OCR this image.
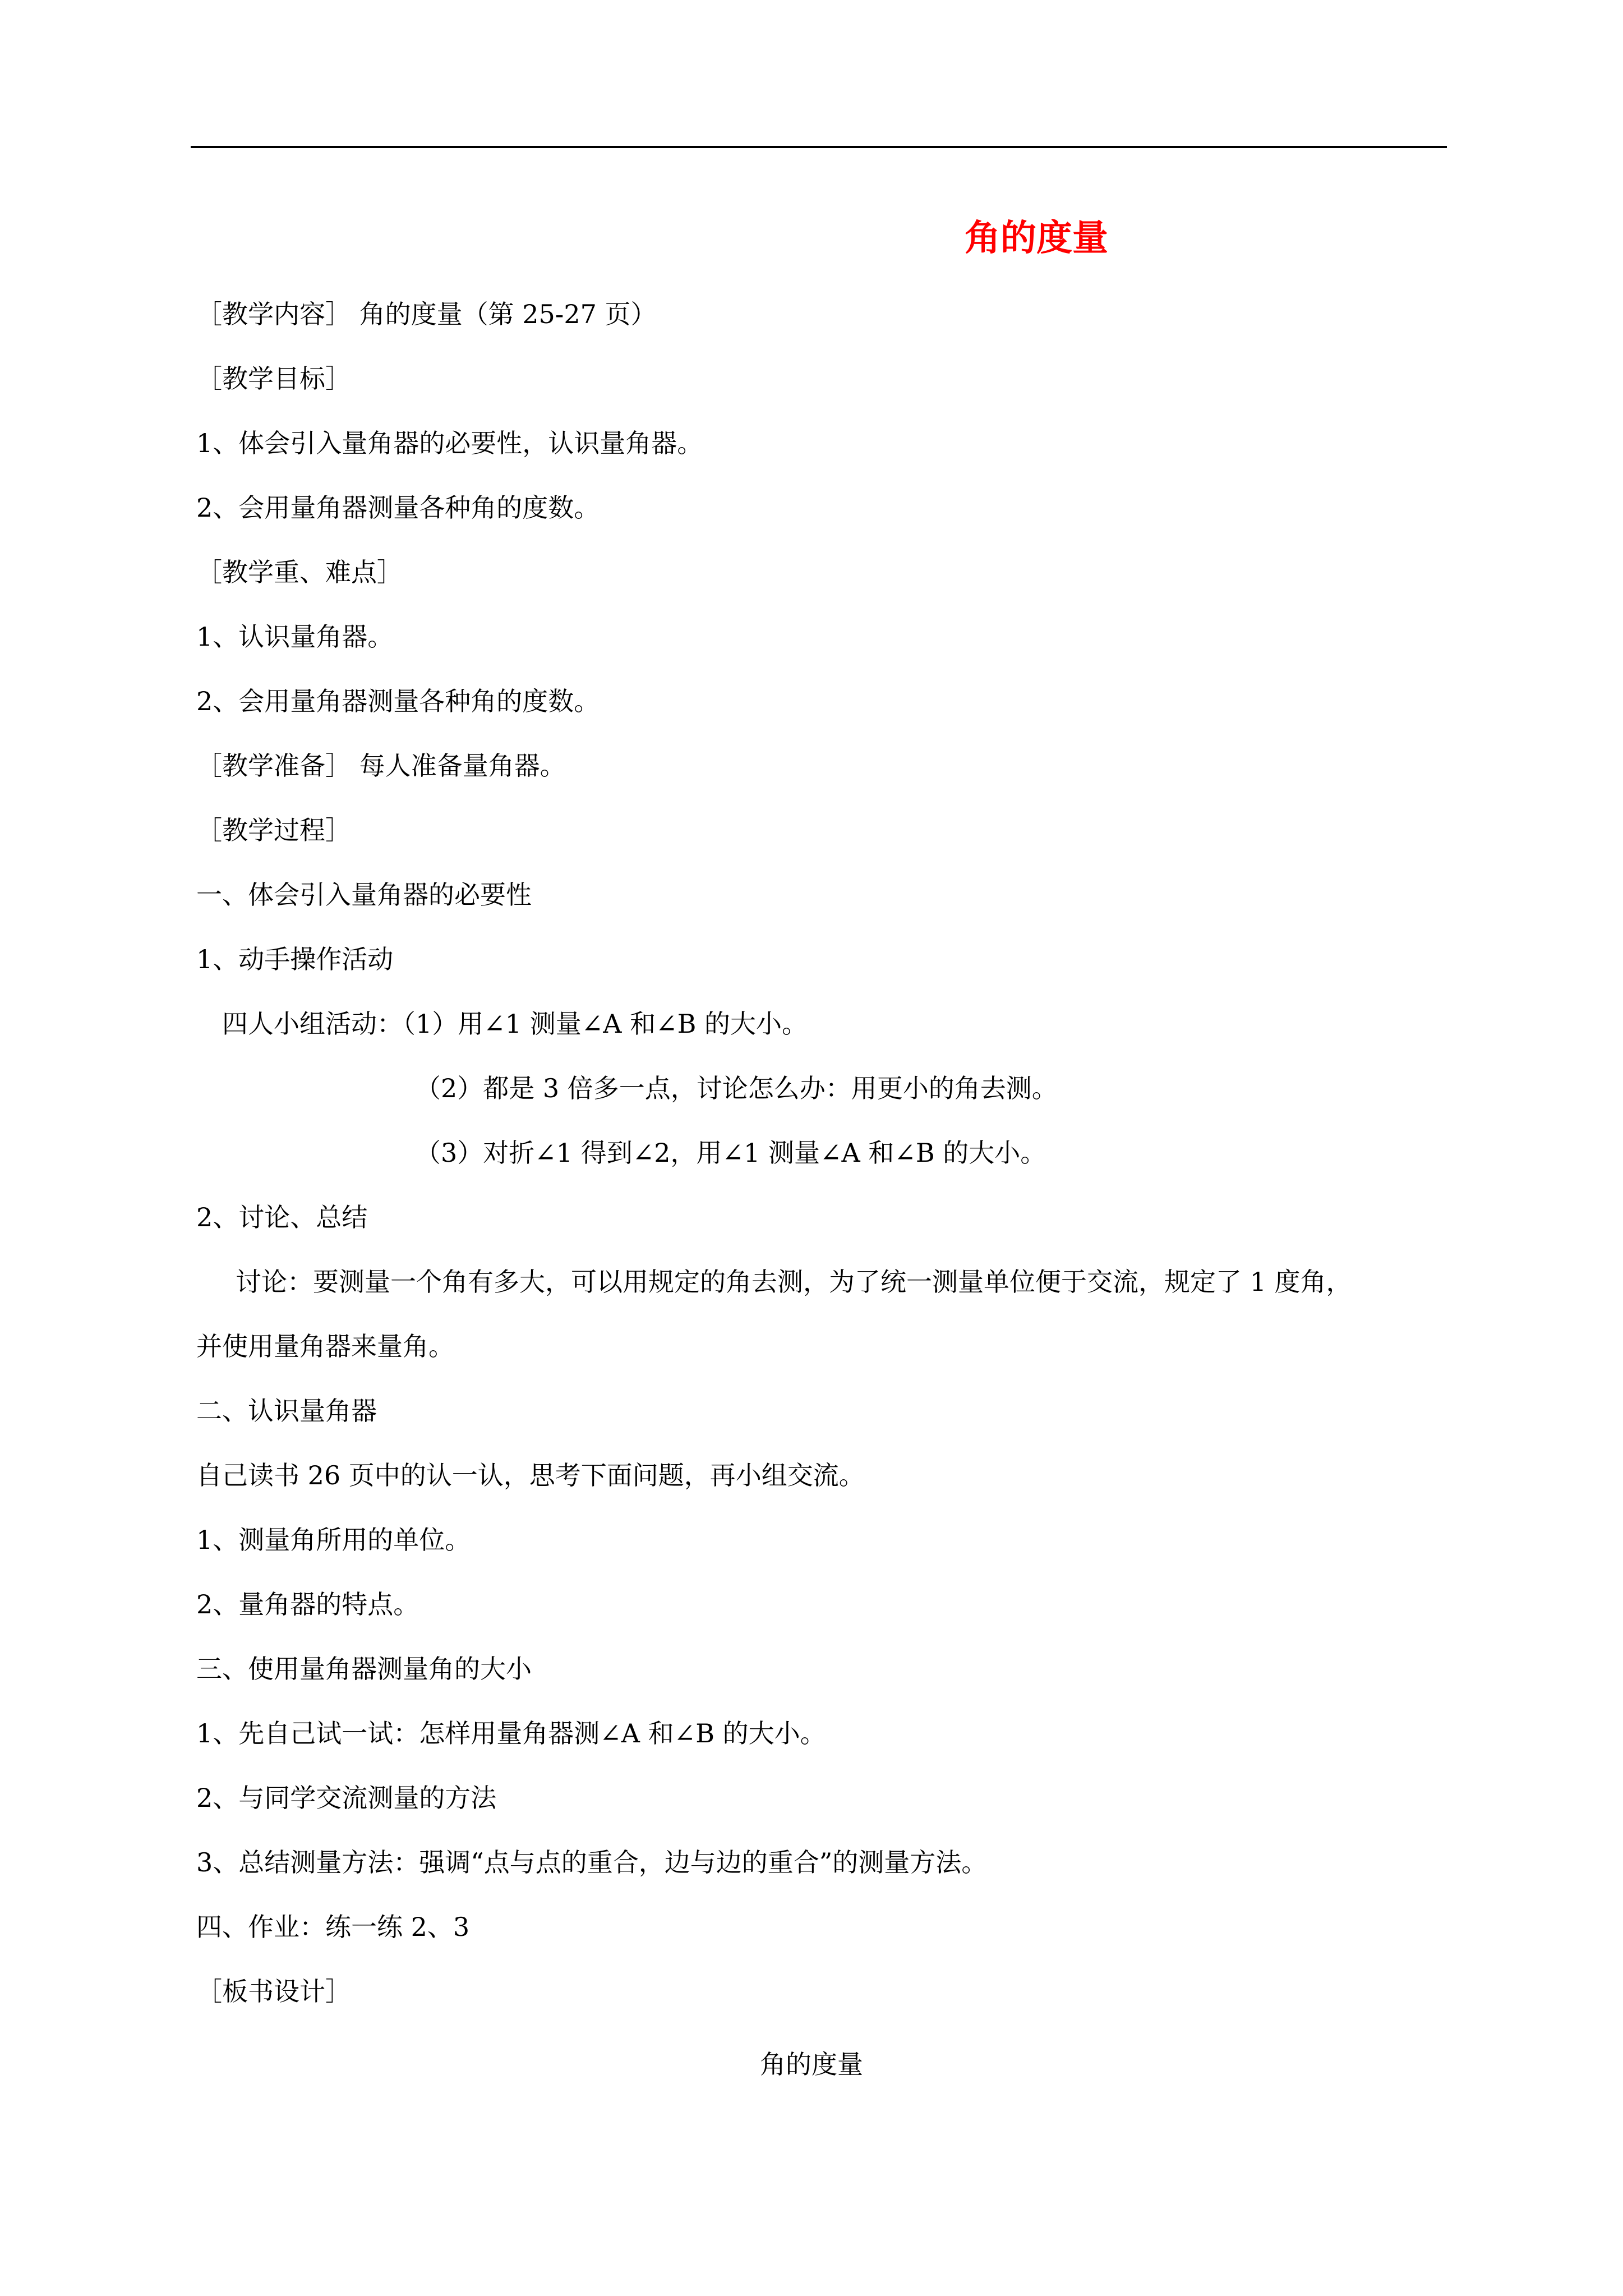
角的度量
［教学内容］ 角的度量（第 25-27 页）
［教学目标］
1、体会引入量角器的必要性，认识量角器。
2、会用量角器测量各种角的度数。
［教学重、难点］
1、认识量角器。
2、会用量角器测量各种角的度数。
［教学准备］ 每人准备量角器。
［教学过程］
一、体会引入量角器的必要性
1、动手操作活动
四人小组活动：（1）用∠1 测量∠A 和∠B 的大小。
（2）都是 3 倍多一点，讨论怎么办：用更小的角去测。
（3）对折∠1 得到∠2，用∠1 测量∠A 和∠B 的大小。
2、讨论、总结
讨论：要测量一个角有多大，可以用规定的角去测，为了统一测量单位便于交流，规定了 1 度角，
并使用量角器来量角。
二、认识量角器
自己读书 26 页中的认一认，思考下面问题，再小组交流。
1、测量角所用的单位。
2、量角器的特点。
三、使用量角器测量角的大小
1、先自己试一试：怎样用量角器测∠A 和∠B 的大小。
2、与同学交流测量的方法
3、总结测量方法：强调“点与点的重合，边与边的重合”的测量方法。
四、作业：练一练 2、3
［板书设计］
角的度量
